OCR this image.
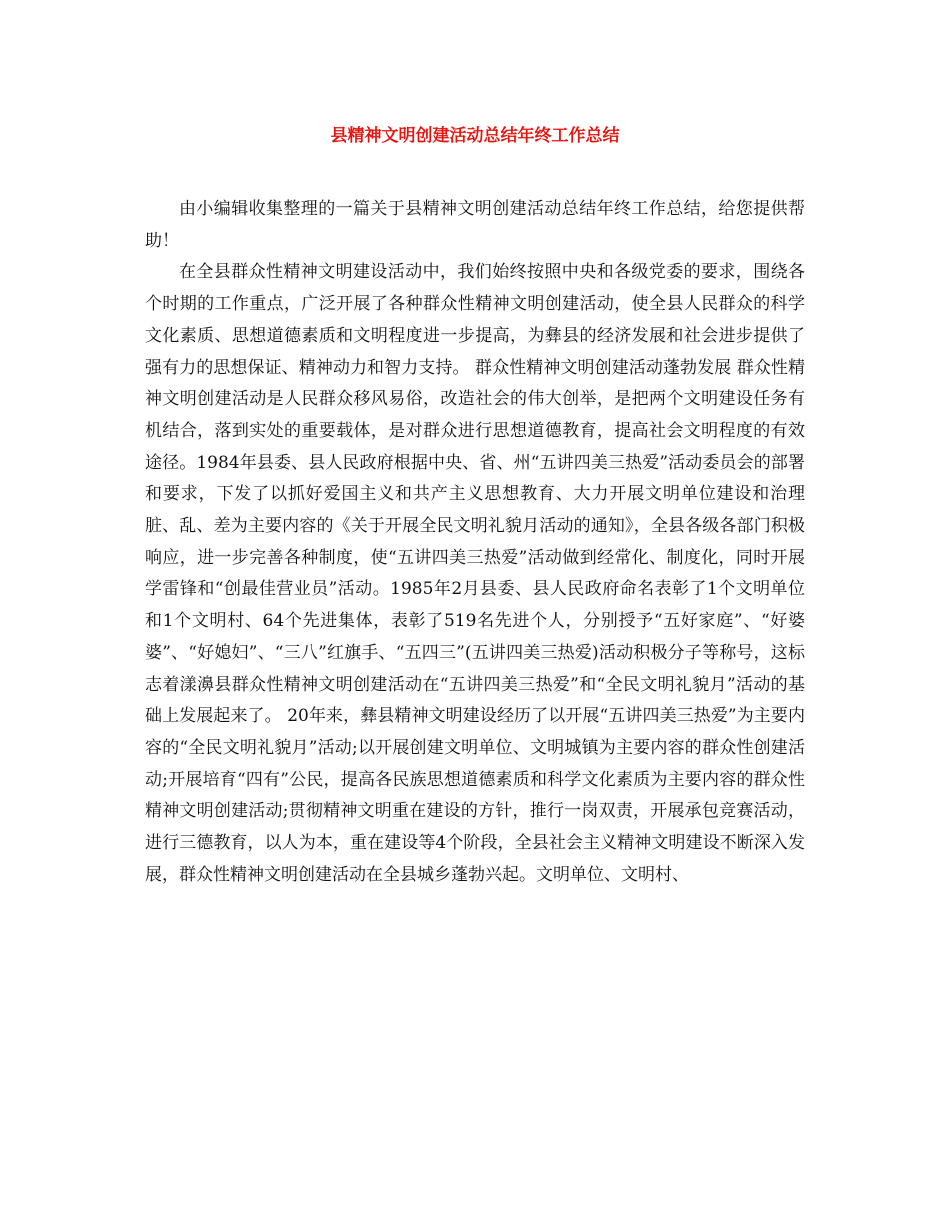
县精神文明创建活动总结年终工作总结

由小编辑收集整理的一篇关于县精神文明创建活动总结年终工作总结，给您提供帮助！

在全县群众性精神文明建设活动中，我们始终按照中央和各级党委的要求，围绕各个时期的工作重点，广泛开展了各种群众性精神文明创建活动，使全县人民群众的科学文化素质、思想道德素质和文明程度进一步提高，为彝县的经济发展和社会进步提供了强有力的思想保证、精神动力和智力支持。 群众性精神文明创建活动蓬勃发展 群众性精神文明创建活动是人民群众移风易俗，改造社会的伟大创举，是把两个文明建设任务有机结合，落到实处的重要载体，是对群众进行思想道德教育，提高社会文明程度的有效途径。1984年县委、县人民政府根据中央、省、州“五讲四美三热爱”活动委员会的部署和要求，下发了以抓好爱国主义和共产主义思想教育、大力开展文明单位建设和治理脏、乱、差为主要内容的《关于开展全民文明礼貌月活动的通知》，全县各级各部门积极响应，进一步完善各种制度，使“五讲四美三热爱”活动做到经常化、制度化，同时开展学雷锋和“创最佳营业员”活动。1985年2月县委、县人民政府命名表彰了1个文明单位和1个文明村、64个先进集体，表彰了519名先进个人，分别授予“五好家庭”、“好婆婆”、“好媳妇”、“三八”红旗手、“五四三”(五讲四美三热爱)活动积极分子等称号，这标志着漾濞县群众性精神文明创建活动在“五讲四美三热爱”和“全民文明礼貌月”活动的基础上发展起来了。 20年来，彝县精神文明建设经历了以开展“五讲四美三热爱”为主要内容的“全民文明礼貌月”活动;以开展创建文明单位、文明城镇为主要内容的群众性创建活动;开展培育“四有”公民，提高各民族思想道德素质和科学文化素质为主要内容的群众性精神文明创建活动;贯彻精神文明重在建设的方针，推行一岗双责，开展承包竞赛活动，进行三德教育，以人为本，重在建设等4个阶段，全县社会主义精神文明建设不断深入发展，群众性精神文明创建活动在全县城乡蓬勃兴起。文明单位、文明村、
